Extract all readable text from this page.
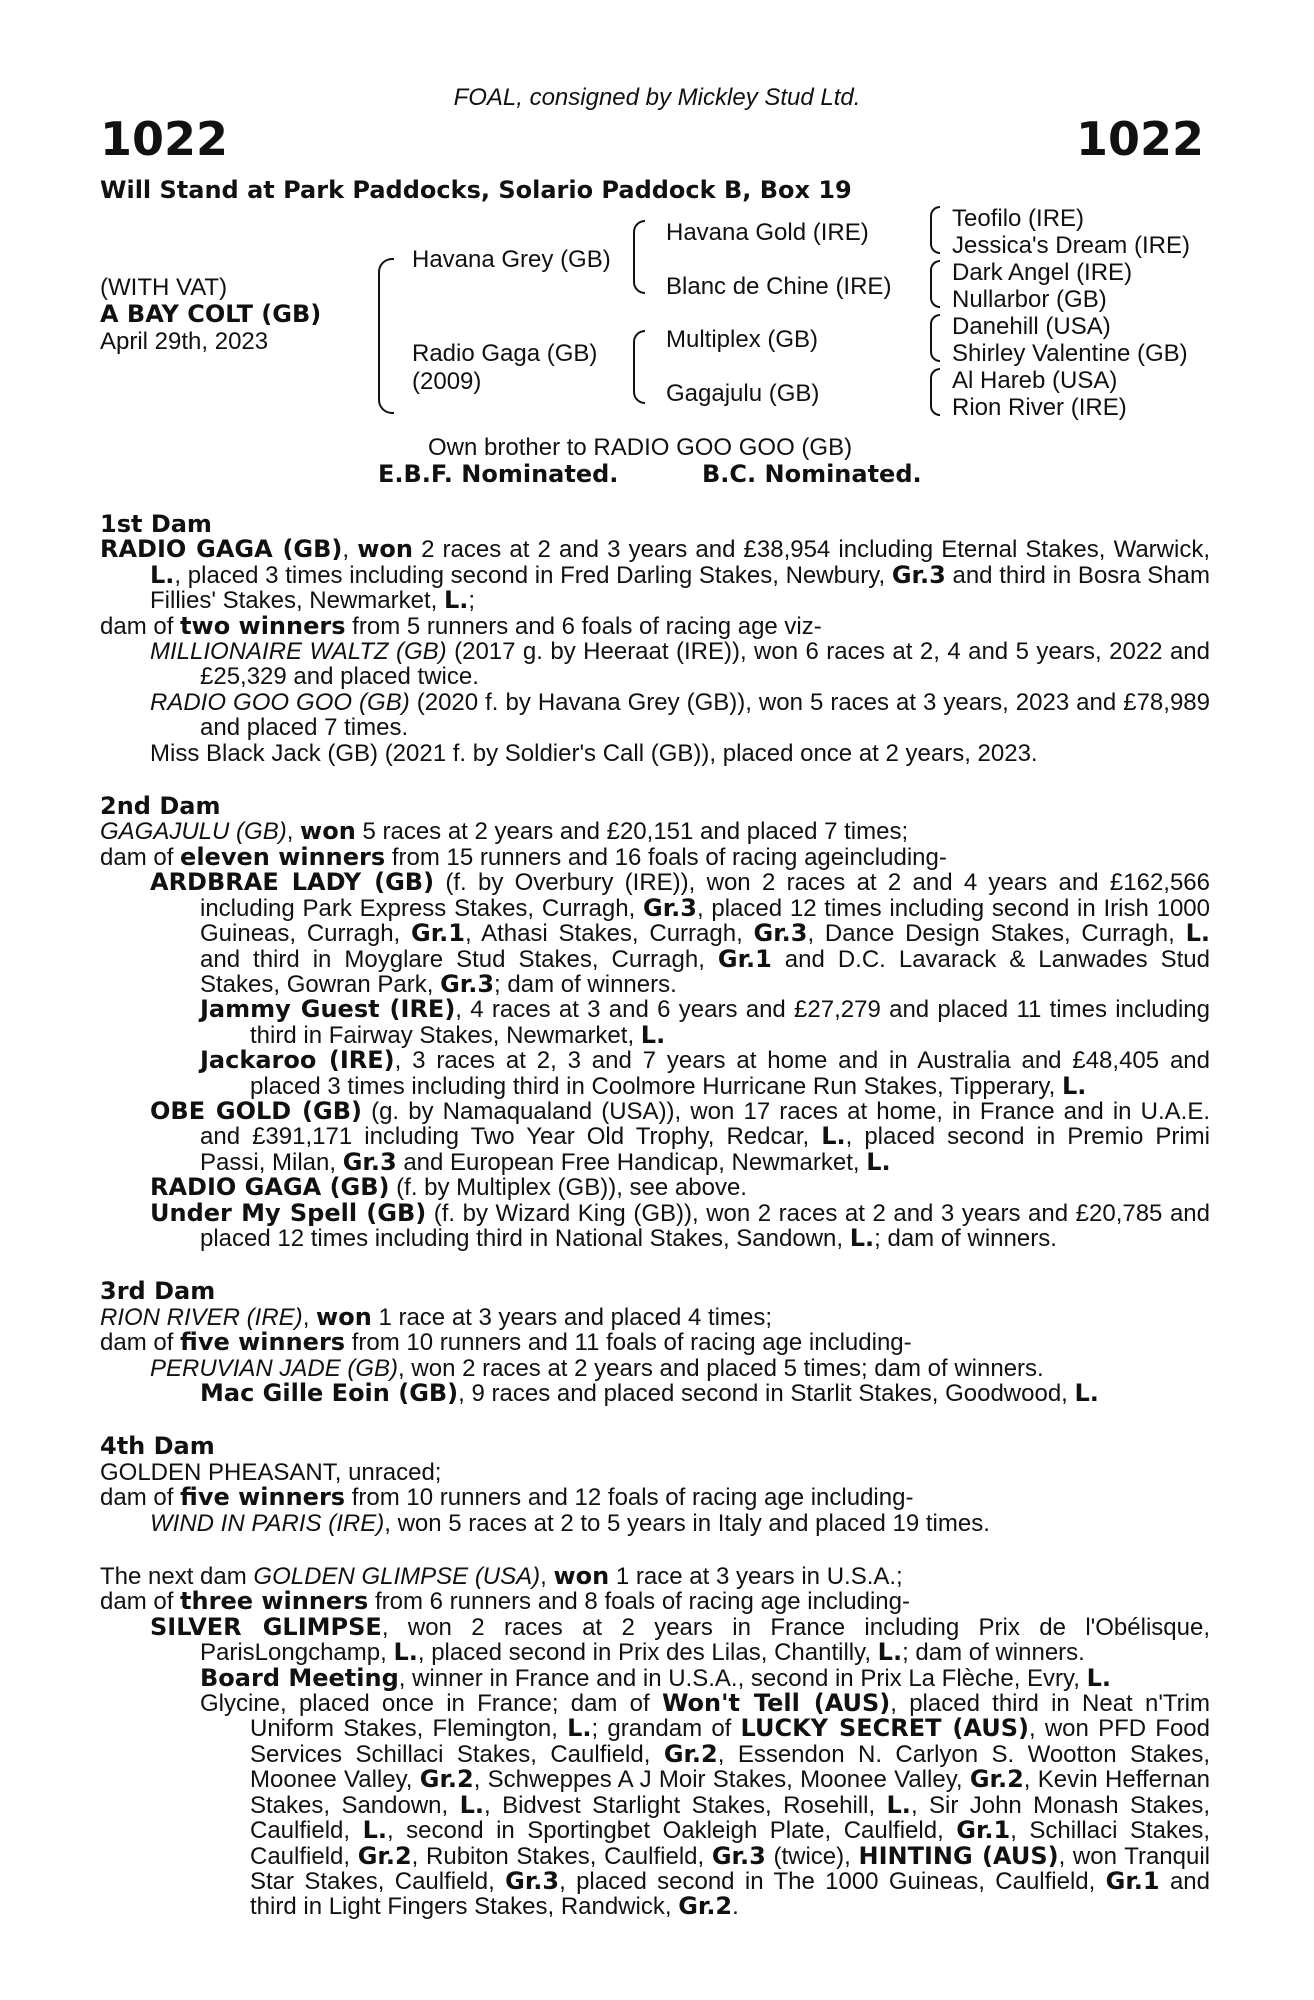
FOAL, consigned by Mickley Stud Ltd.
1022	1022
Will Stand at Park Paddocks, Solario Paddock B, Box 19
(WITH VAT)
A BAY COLT (GB)
April 29th, 2023
Havana Grey (GB)
Radio Gaga (GB)
(2009)
Havana Gold (IRE)
Blanc de Chine (IRE)
Multiplex (GB)
Gagajulu (GB)
Teofilo (IRE)
Jessica's Dream (IRE)
Dark Angel (IRE)
Nullarbor (GB)
Danehill (USA)
Shirley Valentine (GB)
Al Hareb (USA)
Rion River (IRE)
Own brother to RADIO GOO GOO (GB)
E.B.F. Nominated.	B.C. Nominated.

1st Dam

RADIO GAGA (GB), won 2 races at 2 and 3 years and £38,954 including Eternal Stakes, Warwick, L., placed 3 times including second in Fred Darling Stakes, Newbury, Gr.3 and third in Bosra Sham Fillies' Stakes, Newmarket, L.;

dam of two winners from 5 runners and 6 foals of racing age viz-

MILLIONAIRE WALTZ (GB) (2017 g. by Heeraat (IRE)), won 6 races at 2, 4 and 5 years, 2022 and £25,329 and placed twice.

RADIO GOO GOO (GB) (2020 f. by Havana Grey (GB)), won 5 races at 3 years, 2023 and £78,989 and placed 7 times.

Miss Black Jack (GB) (2021 f. by Soldier's Call (GB)), placed once at 2 years, 2023.

2nd Dam

GAGAJULU (GB), won 5 races at 2 years and £20,151 and placed 7 times;

dam of eleven winners from 15 runners and 16 foals of racing ageincluding-

ARDBRAE LADY (GB) (f. by Overbury (IRE)), won 2 races at 2 and 4 years and £162,566 including Park Express Stakes, Curragh, Gr.3, placed 12 times including second in Irish 1000 Guineas, Curragh, Gr.1, Athasi Stakes, Curragh, Gr.3, Dance Design Stakes, Curragh, L. and third in Moyglare Stud Stakes, Curragh, Gr.1 and D.C. Lavarack & Lanwades Stud Stakes, Gowran Park, Gr.3; dam of winners.

Jammy Guest (IRE), 4 races at 3 and 6 years and £27,279 and placed 11 times including third in Fairway Stakes, Newmarket, L.

Jackaroo (IRE), 3 races at 2, 3 and 7 years at home and in Australia and £48,405 and placed 3 times including third in Coolmore Hurricane Run Stakes, Tipperary, L.

OBE GOLD (GB) (g. by Namaqualand (USA)), won 17 races at home, in France and in U.A.E. and £391,171 including Two Year Old Trophy, Redcar, L., placed second in Premio Primi Passi, Milan, Gr.3 and European Free Handicap, Newmarket, L.

RADIO GAGA (GB) (f. by Multiplex (GB)), see above.

Under My Spell (GB) (f. by Wizard King (GB)), won 2 races at 2 and 3 years and £20,785 and placed 12 times including third in National Stakes, Sandown, L.; dam of winners.

3rd Dam

RION RIVER (IRE), won 1 race at 3 years and placed 4 times;

dam of five winners from 10 runners and 11 foals of racing age including-

PERUVIAN JADE (GB), won 2 races at 2 years and placed 5 times; dam of winners.

Mac Gille Eoin (GB), 9 races and placed second in Starlit Stakes, Goodwood, L.

4th Dam

GOLDEN PHEASANT, unraced;

dam of five winners from 10 runners and 12 foals of racing age including-

WIND IN PARIS (IRE), won 5 races at 2 to 5 years in Italy and placed 19 times.

The next dam GOLDEN GLIMPSE (USA), won 1 race at 3 years in U.S.A.;

dam of three winners from 6 runners and 8 foals of racing age including-

SILVER GLIMPSE, won 2 races at 2 years in France including Prix de l'Obélisque, ParisLongchamp, L., placed second in Prix des Lilas, Chantilly, L.; dam of winners.

Board Meeting, winner in France and in U.S.A., second in Prix La Flèche, Evry, L.

Glycine, placed once in France; dam of Won't Tell (AUS), placed third in Neat n'Trim Uniform Stakes, Flemington, L.; grandam of LUCKY SECRET (AUS), won PFD Food Services Schillaci Stakes, Caulfield, Gr.2, Essendon N. Carlyon S. Wootton Stakes, Moonee Valley, Gr.2, Schweppes A J Moir Stakes, Moonee Valley, Gr.2, Kevin Heffernan Stakes, Sandown, L., Bidvest Starlight Stakes, Rosehill, L., Sir John Monash Stakes, Caulfield, L., second in Sportingbet Oakleigh Plate, Caulfield, Gr.1, Schillaci Stakes, Caulfield, Gr.2, Rubiton Stakes, Caulfield, Gr.3 (twice), HINTING (AUS), won Tranquil Star Stakes, Caulfield, Gr.3, placed second in The 1000 Guineas, Caulfield, Gr.1 and third in Light Fingers Stakes, Randwick, Gr.2.
